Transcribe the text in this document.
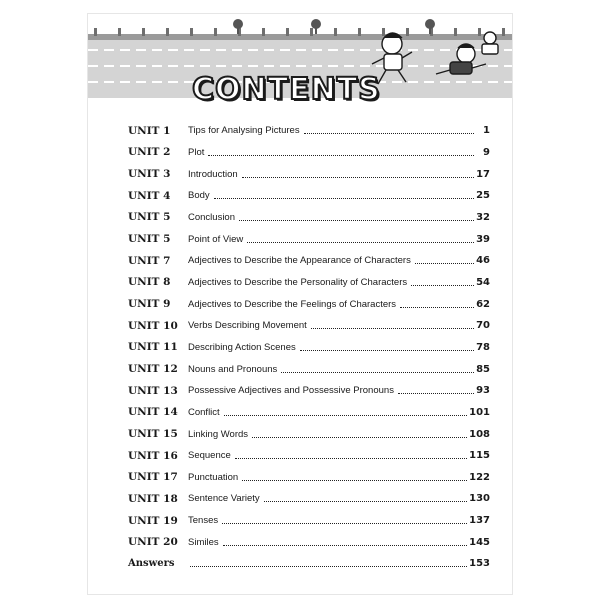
CONTENTS
UNIT 1	Tips for Analysing Pictures	1
UNIT 2	Plot	9
UNIT 3	Introduction	17
UNIT 4	Body	25
UNIT 5	Conclusion	32
UNIT 5	Point of View	39
UNIT 7	Adjectives to Describe the Appearance of Characters	46
UNIT 8	Adjectives to Describe the Personality of Characters	54
UNIT 9	Adjectives to Describe the Feelings of Characters	62
UNIT 10	Verbs Describing Movement	70
UNIT 11	Describing Action Scenes	78
UNIT 12	Nouns and Pronouns	85
UNIT 13	Possessive Adjectives and Possessive Pronouns	93
UNIT 14	Conflict	101
UNIT 15	Linking Words	108
UNIT 16	Sequence	115
UNIT 17	Punctuation	122
UNIT 18	Sentence Variety	130
UNIT 19	Tenses	137
UNIT 20	Similes	145
Answers	153
